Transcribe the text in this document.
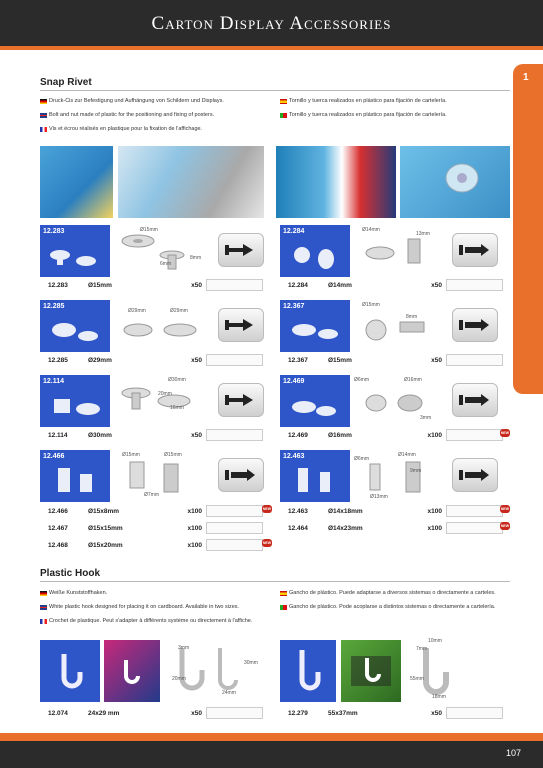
Carton Display Accessories
1
Snap Rivet
Druck-Cis zur Befestigung und Aufhängung von Schildern und Displays.
Bolt and nut made of plastic for the positioning and fixing of posters.
Vis et écrou réalisés en plastique pour la fixation de l'affichage.
Tornillo y tuerca realizados en plástico para fijación de cartelería.
Tornillo y tuerca realizados en plástico para fijación de cartelería.
12.283	Ø15mm
6mm
8mm
12.285
Ø29mm	Ø29mm
12.114	Ø30mm
16mm
20mm
12.466	Ø15mm	Ø15mm
Ø7mm
12.284	Ø14mm
13mm
12.367	Ø15mm
8mm
12.469	Ø6mm	Ø16mm
3mm
12.463	Ø6mm
Ø14mm
9mm
Ø13mm
12.283	Ø15mm	x50
12.285	Ø29mm	x50
12.114	Ø30mm	x50
12.466	Ø15x8mm	x100
12.467	Ø15x15mm	x100
12.468	Ø15x20mm	x100
12.284	Ø14mm	x50
12.367	Ø15mm	x50
12.469	Ø16mm	x100
12.463	Ø14x18mm	x100
12.464	Ø14x23mm	x100
NEW
NEW
NEW
NEW
NEW
Plastic Hook
Weiße Kunststoffhaken.
White plastic hook designed for placing it on cardboard. Available in two sizes.
Crochet de plastique. Peut s'adapter à différents système ou directement à l'affiche.
Gancho de plástico. Puede adaptarse a diversos sistemas o directamente a carteles.
Gancho de plástico. Pode acoplarse a distintos sistemas o directamente a cartelería.
3mm
30mm
20mm
24mm
10mm
7mm
55mm
18mm
12.074	24x29 mm	x50	12.279	55x37mm	x50
107
